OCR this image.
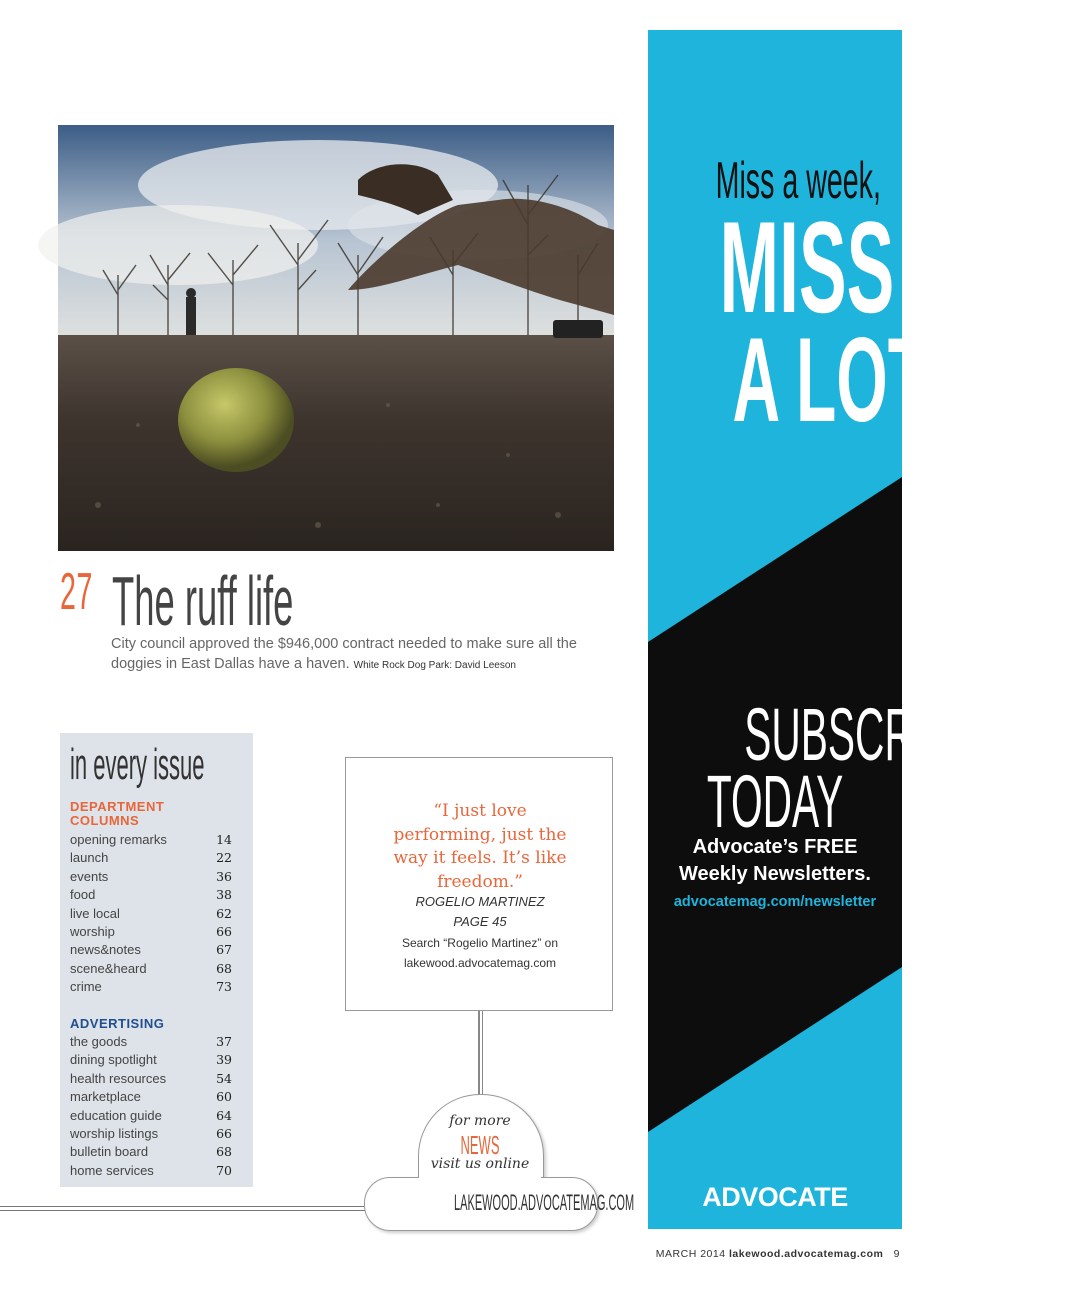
27 The ruff life
City council approved the $946,000 contract needed to make sure all the doggies in East Dallas have a haven. White Rock Dog Park: David Leeson
in every issue
DEPARTMENT
COLUMNS
opening remarks	14
launch	22
events	36
food	38
live local	62
worship	66
news&notes	67
scene&heard	68
crime	73
ADVERTISING
the goods	37
dining spotlight	39
health resources	54
marketplace	60
education guide	64
worship listings	66
bulletin board	68
home services	70
“I just love
performing, just the
way it feels. It’s like
freedom.”
ROGELIO MARTINEZ
PAGE 45
Search “Rogelio Martinez” on
lakewood.advocatemag.com
for more
NEWS
visit us online
LAKEWOOD.ADVOCATEMAG.COM
Miss a week,
MISS
A LOT.
SUBSCRIBE
TODAY
Advocate’s FREE
Weekly Newsletters.
advocatemag.com/newsletter
ADVOCATE
MARCH 2014 lakewood.advocatemag.com 9
